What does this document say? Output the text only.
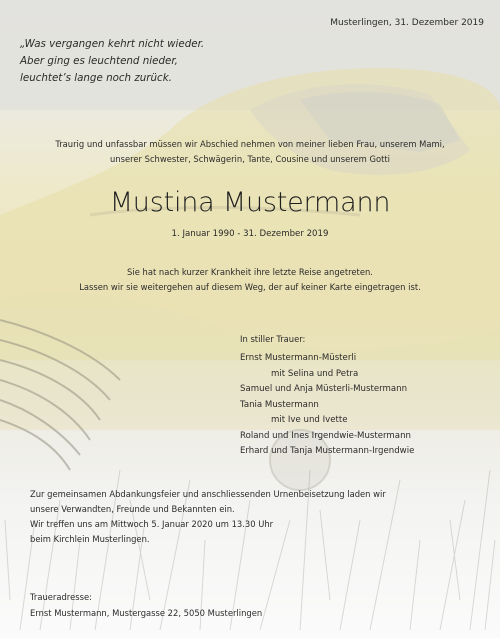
Musterlingen, 31. Dezember 2019
„Was vergangen kehrt nicht wieder.
Aber ging es leuchtend nieder,
leuchtet’s lange noch zurück.
Traurig und unfassbar müssen wir Abschied nehmen von meiner lieben Frau, unserem Mami,
unserer Schwester, Schwägerin, Tante, Cousine und unserem Gotti
Mustina Mustermann
1. Januar 1990 - 31. Dezember 2019
Sie hat nach kurzer Krankheit ihre letzte Reise angetreten.
Lassen wir sie weitergehen auf diesem Weg, der auf keiner Karte eingetragen ist.
In stiller Trauer:
Ernst Mustermann-Müsterli
mit Selina und Petra
Samuel und Anja Müsterli-Mustermann
Tania Mustermann
mit Ive und Ivette
Roland und Ines Irgendwie-Mustermann
Erhard und Tanja Mustermann-Irgendwie
Zur gemeinsamen Abdankungsfeier und anschliessenden Urnenbeisetzung laden wir
unsere Verwandten, Freunde und Bekannten ein.
Wir treffen uns am Mittwoch 5. Januar 2020 um 13.30 Uhr
beim Kirchlein Musterlingen.
Traueradresse:
Ernst Mustermann, Mustergasse 22, 5050 Musterlingen
